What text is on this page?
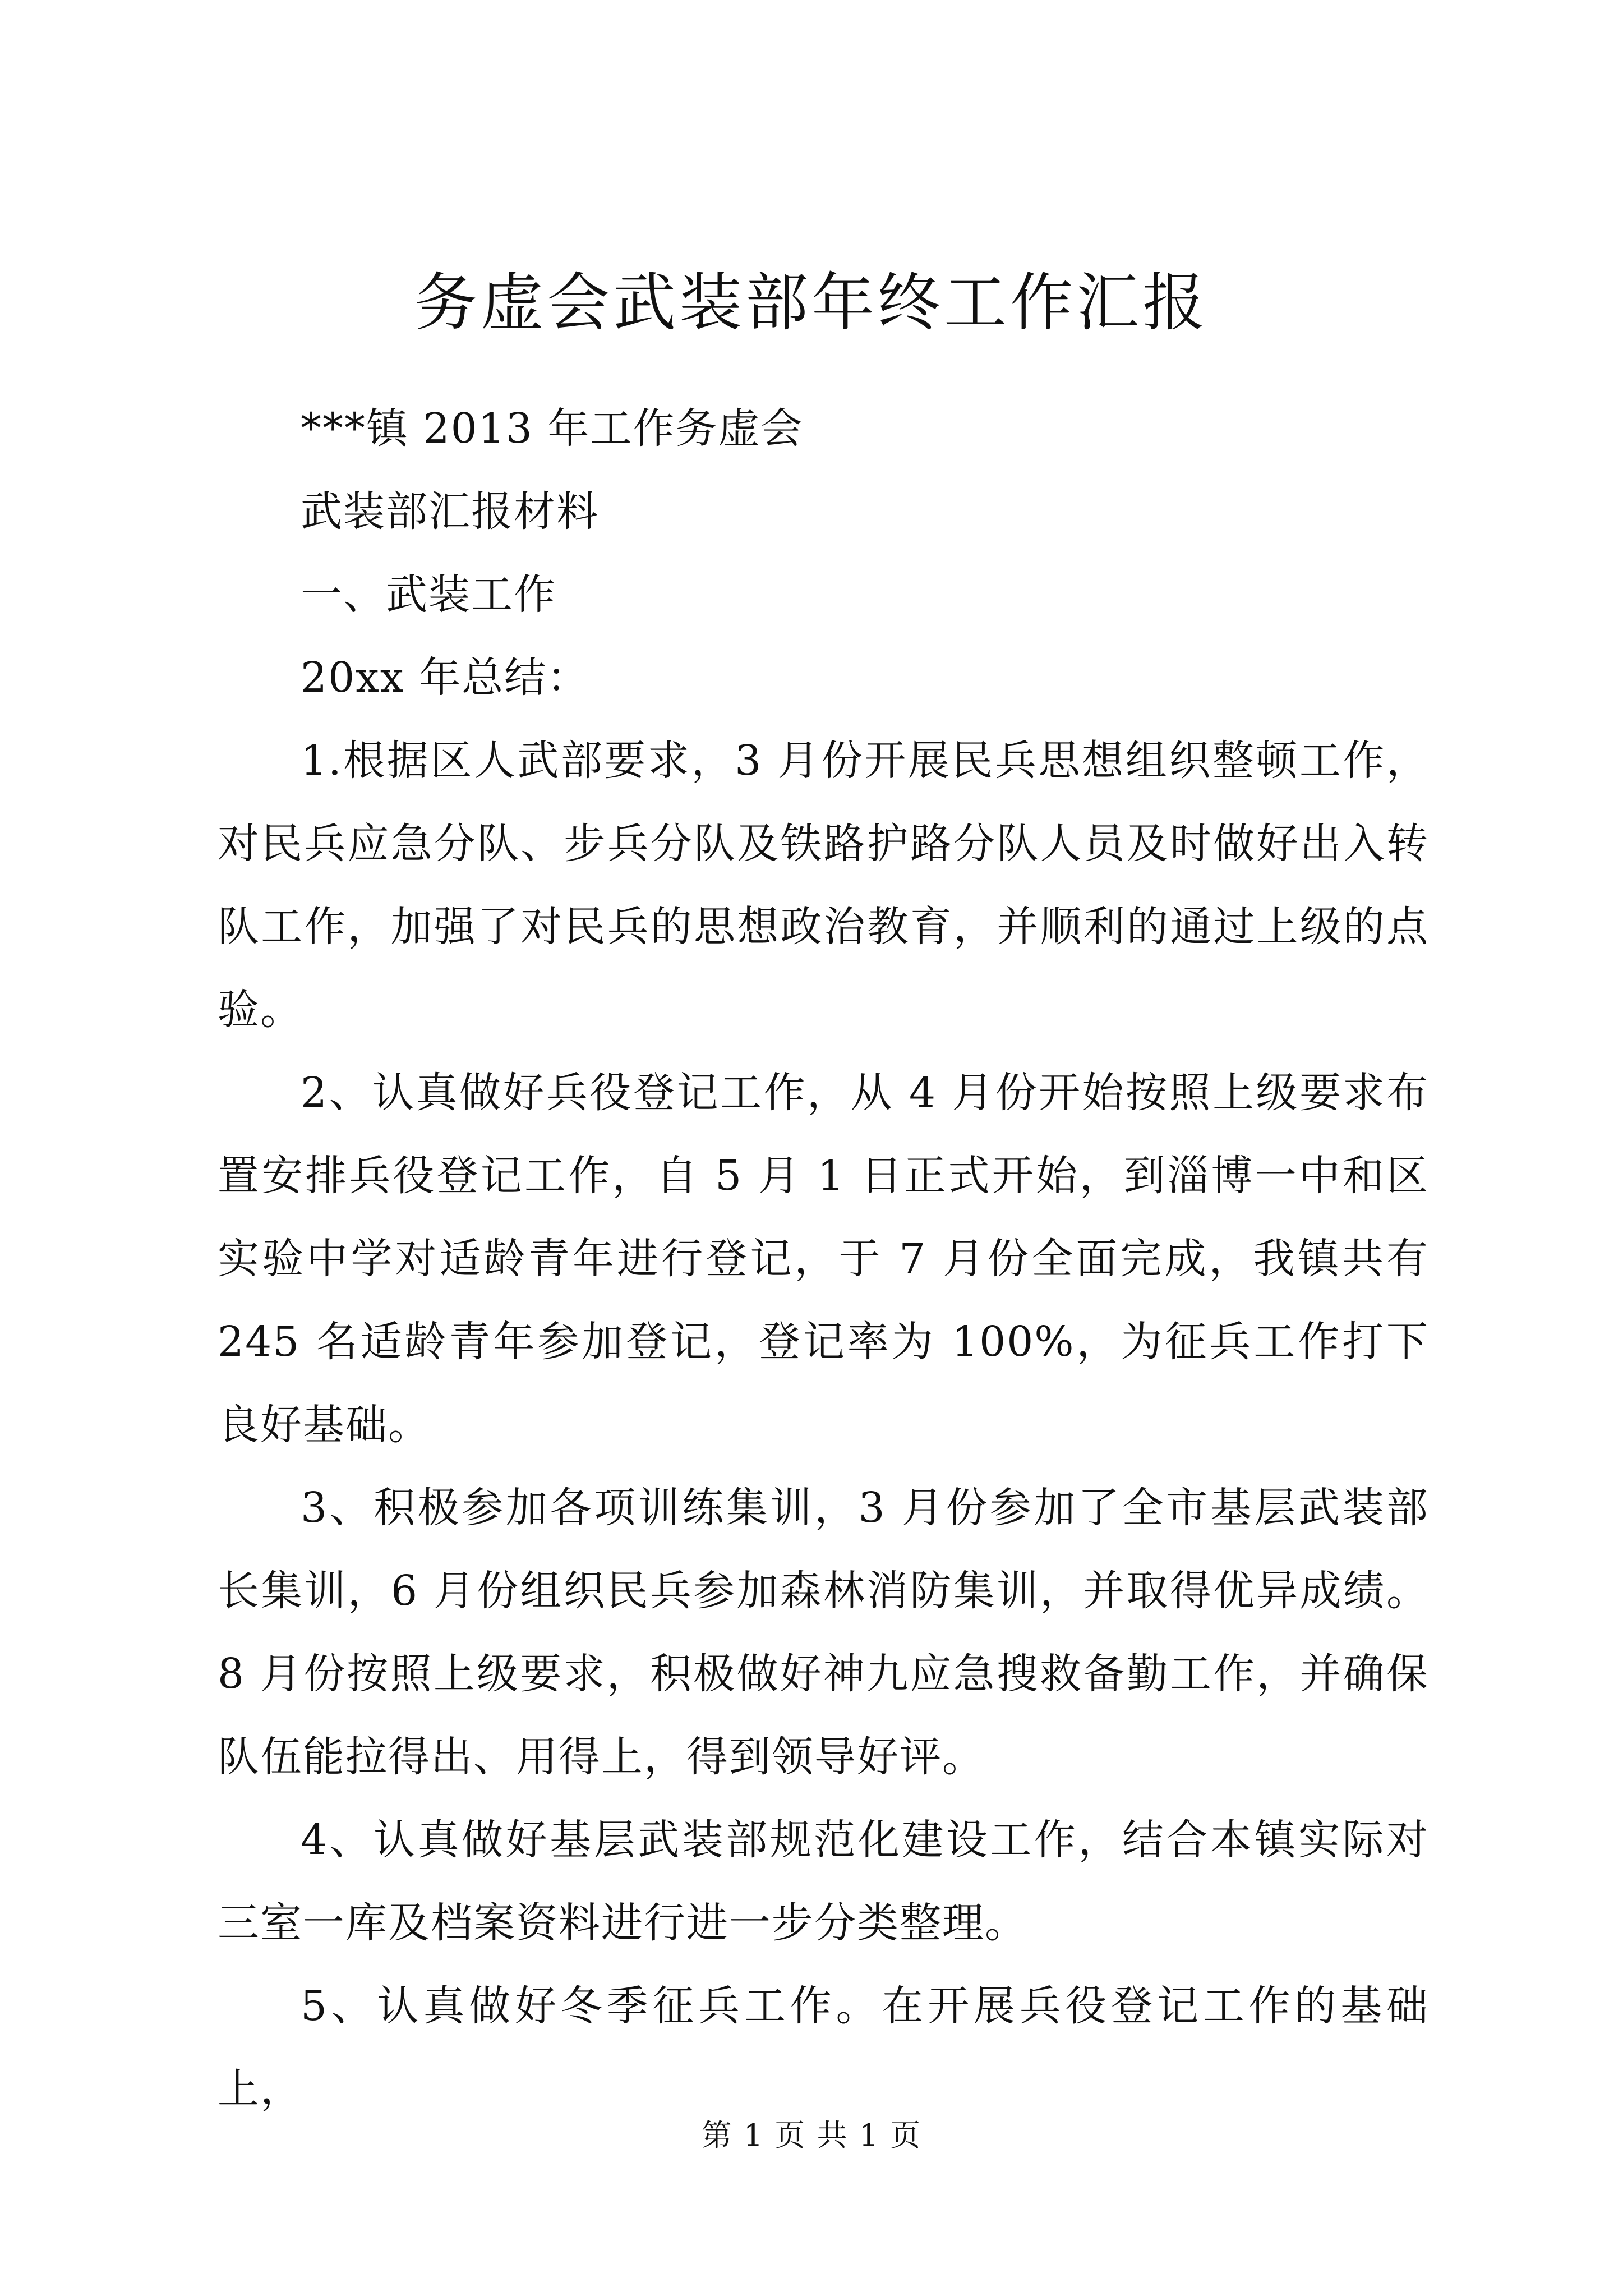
务虚会武装部年终工作汇报

***镇 2013 年工作务虚会

武装部汇报材料

一、武装工作

20xx 年总结：

1.根据区人武部要求，3 月份开展民兵思想组织整顿工作，对民兵应急分队、步兵分队及铁路护路分队人员及时做好出入转队工作，加强了对民兵的思想政治教育，并顺利的通过上级的点验。

2、认真做好兵役登记工作，从 4 月份开始按照上级要求布置安排兵役登记工作，自 5 月 1 日正式开始，到淄博一中和区实验中学对适龄青年进行登记，于 7 月份全面完成，我镇共有 245 名适龄青年参加登记，登记率为 100%，为征兵工作打下良好基础。

3、积极参加各项训练集训，3 月份参加了全市基层武装部长集训，6 月份组织民兵参加森林消防集训，并取得优异成绩。8 月份按照上级要求，积极做好神九应急搜救备勤工作，并确保队伍能拉得出、用得上，得到领导好评。

4、认真做好基层武装部规范化建设工作，结合本镇实际对三室一库及档案资料进行进一步分类整理。

5、认真做好冬季征兵工作。在开展兵役登记工作的基础上，

第 1 页 共 1 页
